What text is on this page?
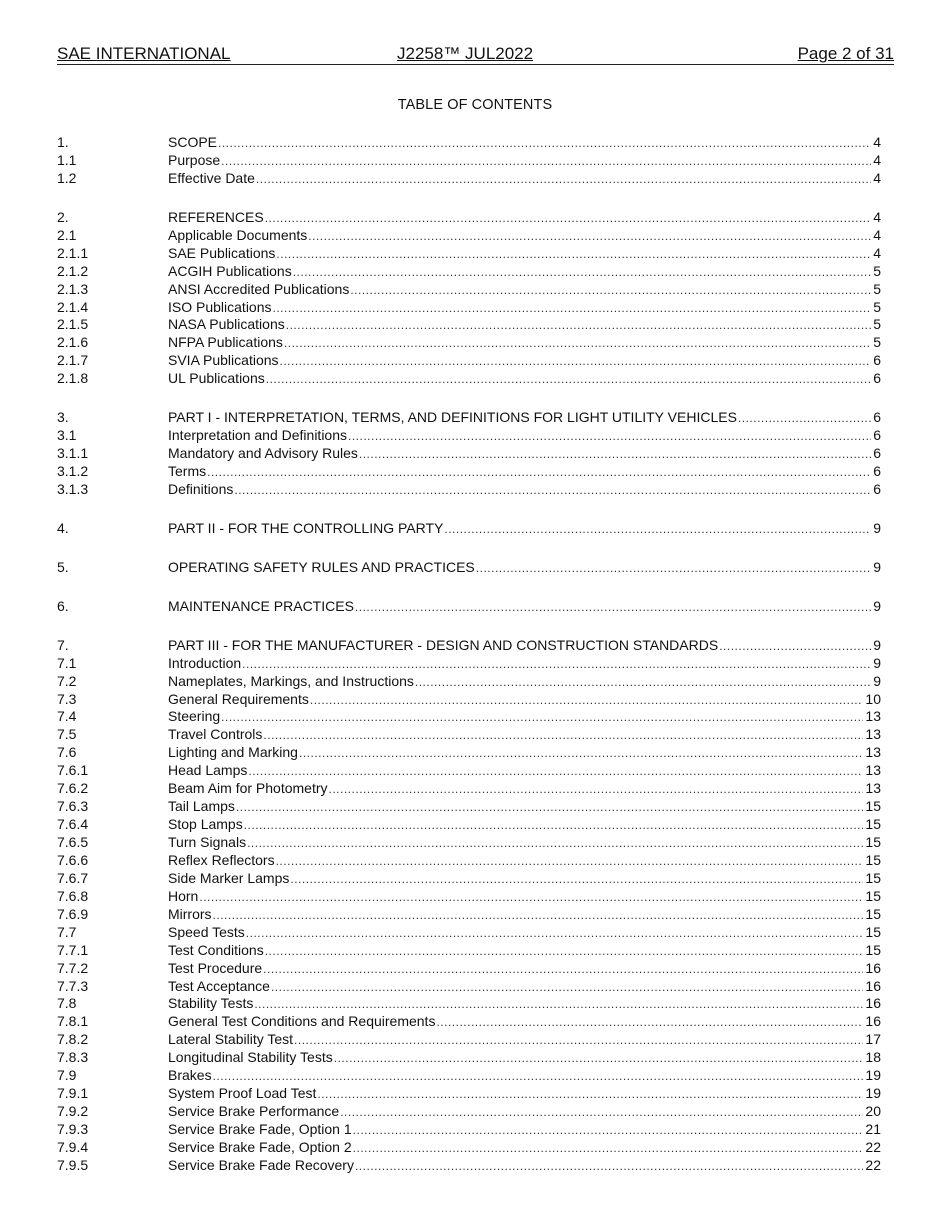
SAE INTERNATIONAL	J2258™ JUL2022	Page 2 of 31
TABLE OF CONTENTS
1.	SCOPE .....	4
1.1	Purpose .....	4
1.2	Effective Date .....	4
2.	REFERENCES .....	4
2.1	Applicable Documents .....	4
2.1.1	SAE Publications .....	4
2.1.2	ACGIH Publications .....	5
2.1.3	ANSI Accredited Publications .....	5
2.1.4	ISO Publications .....	5
2.1.5	NASA Publications .....	5
2.1.6	NFPA Publications .....	5
2.1.7	SVIA Publications .....	6
2.1.8	UL Publications .....	6
3.	PART I - INTERPRETATION, TERMS, AND DEFINITIONS FOR LIGHT UTILITY VEHICLES .....	6
3.1	Interpretation and Definitions .....	6
3.1.1	Mandatory and Advisory Rules .....	6
3.1.2	Terms .....	6
3.1.3	Definitions .....	6
4.	PART II - FOR THE CONTROLLING PARTY .....	9
5.	OPERATING SAFETY RULES AND PRACTICES .....	9
6.	MAINTENANCE PRACTICES .....	9
7.	PART III - FOR THE MANUFACTURER - DESIGN AND CONSTRUCTION STANDARDS .....	9
7.1	Introduction .....	9
7.2	Nameplates, Markings, and Instructions .....	9
7.3	General Requirements .....	10
7.4	Steering .....	13
7.5	Travel Controls .....	13
7.6	Lighting and Marking .....	13
7.6.1	Head Lamps .....	13
7.6.2	Beam Aim for Photometry .....	13
7.6.3	Tail Lamps .....	15
7.6.4	Stop Lamps .....	15
7.6.5	Turn Signals .....	15
7.6.6	Reflex Reflectors .....	15
7.6.7	Side Marker Lamps .....	15
7.6.8	Horn .....	15
7.6.9	Mirrors .....	15
7.7	Speed Tests .....	15
7.7.1	Test Conditions .....	15
7.7.2	Test Procedure .....	16
7.7.3	Test Acceptance .....	16
7.8	Stability Tests .....	16
7.8.1	General Test Conditions and Requirements .....	16
7.8.2	Lateral Stability Test .....	17
7.8.3	Longitudinal Stability Tests .....	18
7.9	Brakes .....	19
7.9.1	System Proof Load Test .....	19
7.9.2	Service Brake Performance .....	20
7.9.3	Service Brake Fade, Option 1 .....	21
7.9.4	Service Brake Fade, Option 2 .....	22
7.9.5	Service Brake Fade Recovery .....	22
